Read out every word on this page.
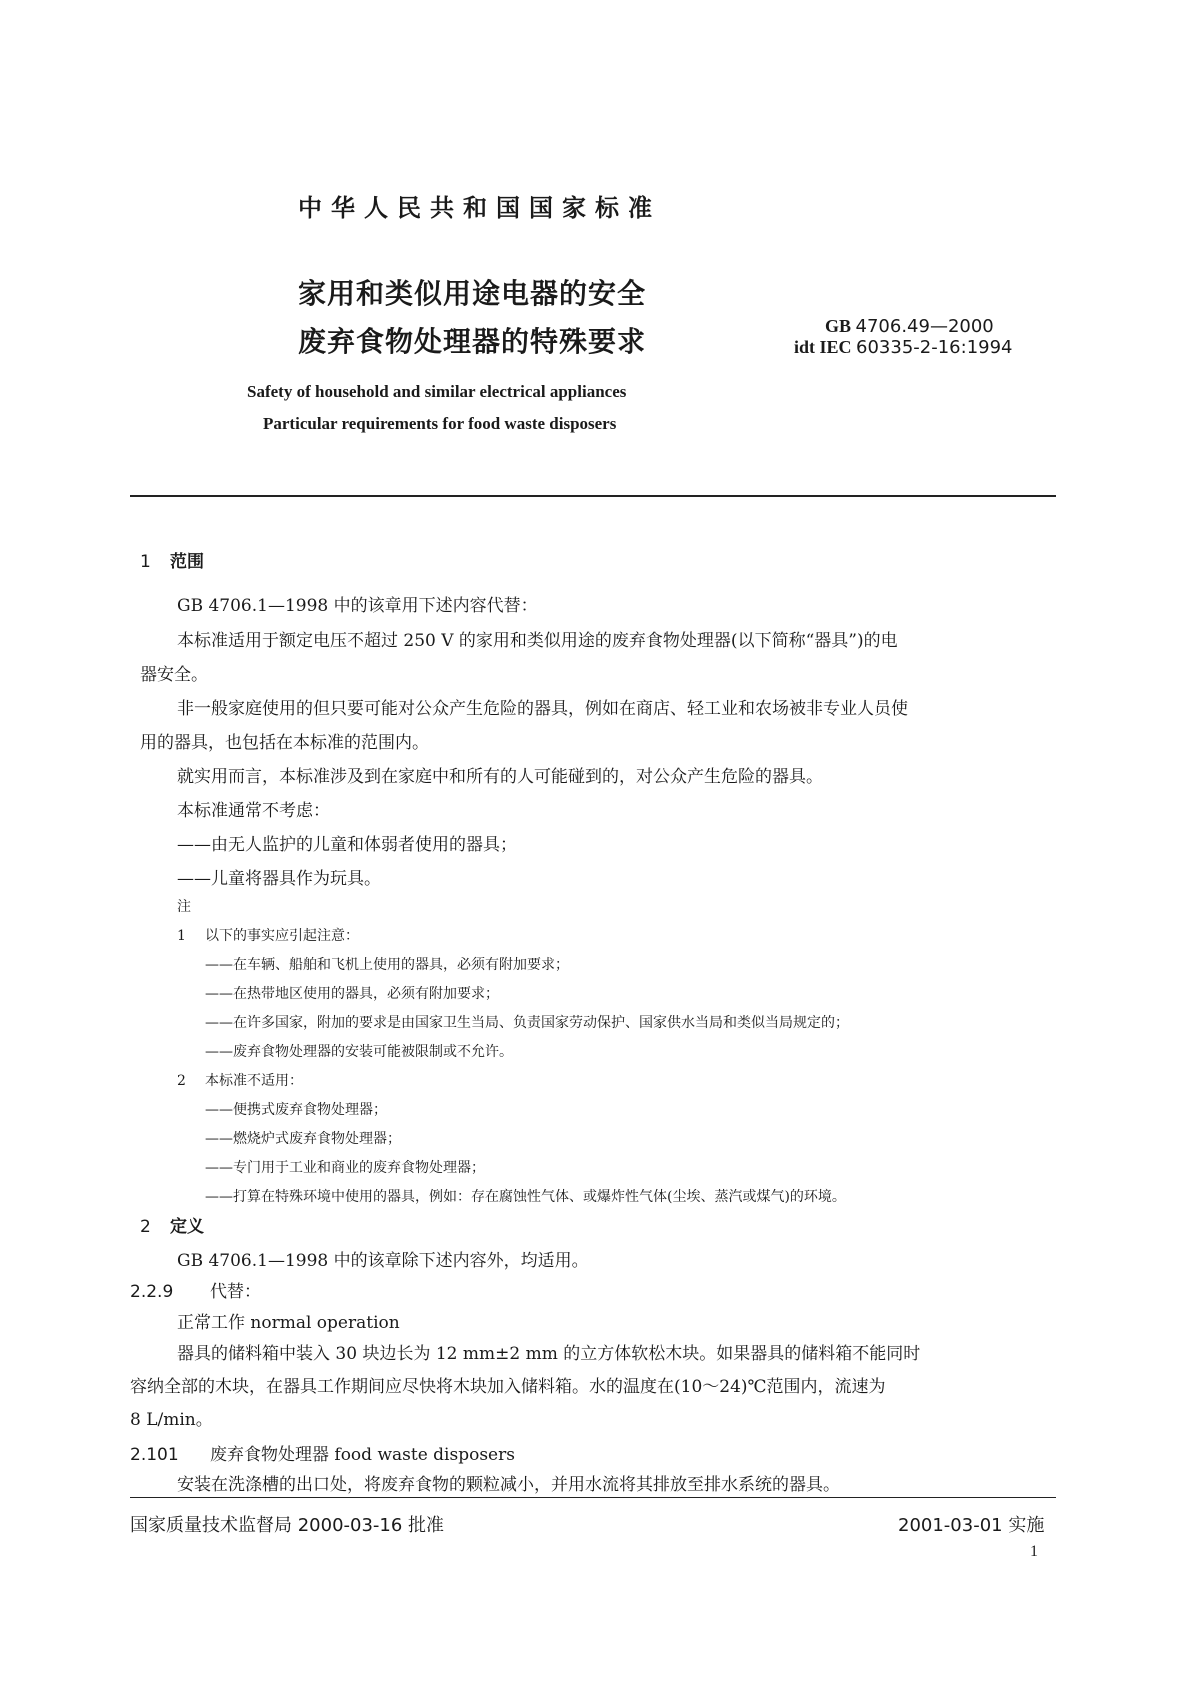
中华人民共和国国家标准
家用和类似用途电器的安全
废弃食物处理器的特殊要求	GB 4706.49—2000
idt IEC 60335-2-16:1994
Safety of household and similar electrical appliances
Particular requirements for food waste disposers
1 范围
GB 4706.1—1998 中的该章用下述内容代替：
本标准适用于额定电压不超过 250 V 的家用和类似用途的废弃食物处理器(以下简称“器具”)的电
器安全。
非一般家庭使用的但只要可能对公众产生危险的器具，例如在商店、轻工业和农场被非专业人员使
用的器具，也包括在本标准的范围内。
就实用而言，本标准涉及到在家庭中和所有的人可能碰到的，对公众产生危险的器具。
本标准通常不考虑：
——由无人监护的儿童和体弱者使用的器具；
——儿童将器具作为玩具。
注
1 以下的事实应引起注意：
——在车辆、船舶和飞机上使用的器具，必须有附加要求；
——在热带地区使用的器具，必须有附加要求；
——在许多国家，附加的要求是由国家卫生当局、负责国家劳动保护、国家供水当局和类似当局规定的；
——废弃食物处理器的安装可能被限制或不允许。
2 本标准不适用：
——便携式废弃食物处理器；
——燃烧炉式废弃食物处理器；
——专门用于工业和商业的废弃食物处理器；
——打算在特殊环境中使用的器具，例如：存在腐蚀性气体、或爆炸性气体(尘埃、蒸汽或煤气)的环境。
2 定义
GB 4706.1—1998 中的该章除下述内容外，均适用。
2.2.9 代替：
正常工作 normal operation
器具的储料箱中装入 30 块边长为 12 mm±2 mm 的立方体软松木块。如果器具的储料箱不能同时
容纳全部的木块，在器具工作期间应尽快将木块加入储料箱。水的温度在(10～24)℃范围内，流速为
8 L/min。
2.101 废弃食物处理器 food waste disposers
国家质量技术监督局 2000-03-16 批准	2001-03-01 实施
1
安装在洗涤槽的出口处，将废弃食物的颗粒减小，并用水流将其排放至排水系统的器具。
